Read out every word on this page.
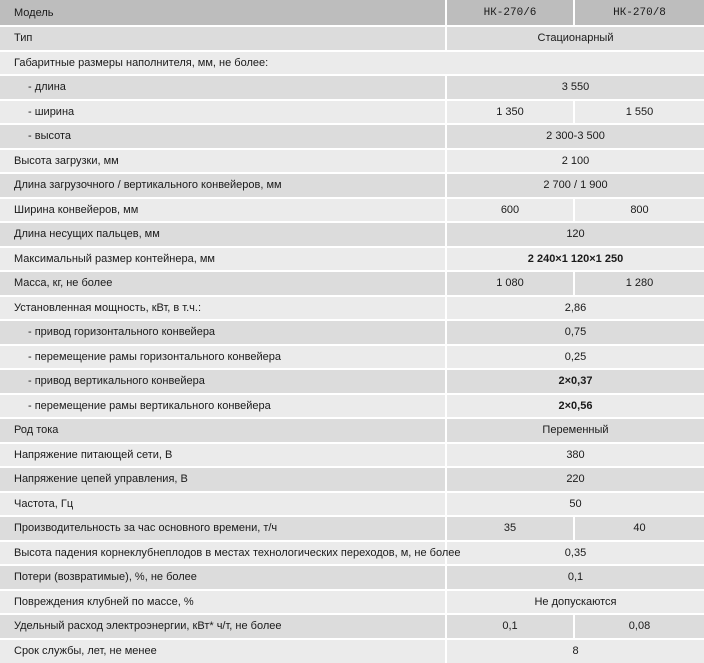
Модель	НК-270/6	НК-270/8
Тип	Стационарный	
Габаритные размеры наполнителя, мм, не более:		
- длина	3 550	
- ширина	1 350	1 550
- высота	2 300-3 500	
Высота загрузки, мм	2 100	
Длина загрузочного / вертикального конвейеров, мм	2 700 / 1 900	
Ширина конвейеров, мм	600	800
Длина несущих пальцев, мм	120	
Максимальный размер контейнера, мм	2 240×1 120×1 250	
Масса, кг, не более	1 080	1 280
Установленная мощность, кВт, в т.ч.:	2,86	
- привод горизонтального конвейера	0,75	
- перемещение рамы горизонтального конвейера	0,25	
- привод вертикального конвейера	2×0,37	
- перемещение рамы вертикального конвейера	2×0,56	
Род тока	Переменный	
Напряжение питающей сети, В	380	
Напряжение цепей управления, В	220	
Частота, Гц	50	
Производительность за час основного времени, т/ч	35	40
Высота падения корнеклубнеплодов в местах технологических переходов, м, не более	0,35	
Потери (возвратимые), %, не более	0,1	
Повреждения клубней по массе, %	Не допускаются	
Удельный расход электроэнергии, кВт* ч/т, не более	0,1	0,08
Срок службы, лет, не менее	8	
